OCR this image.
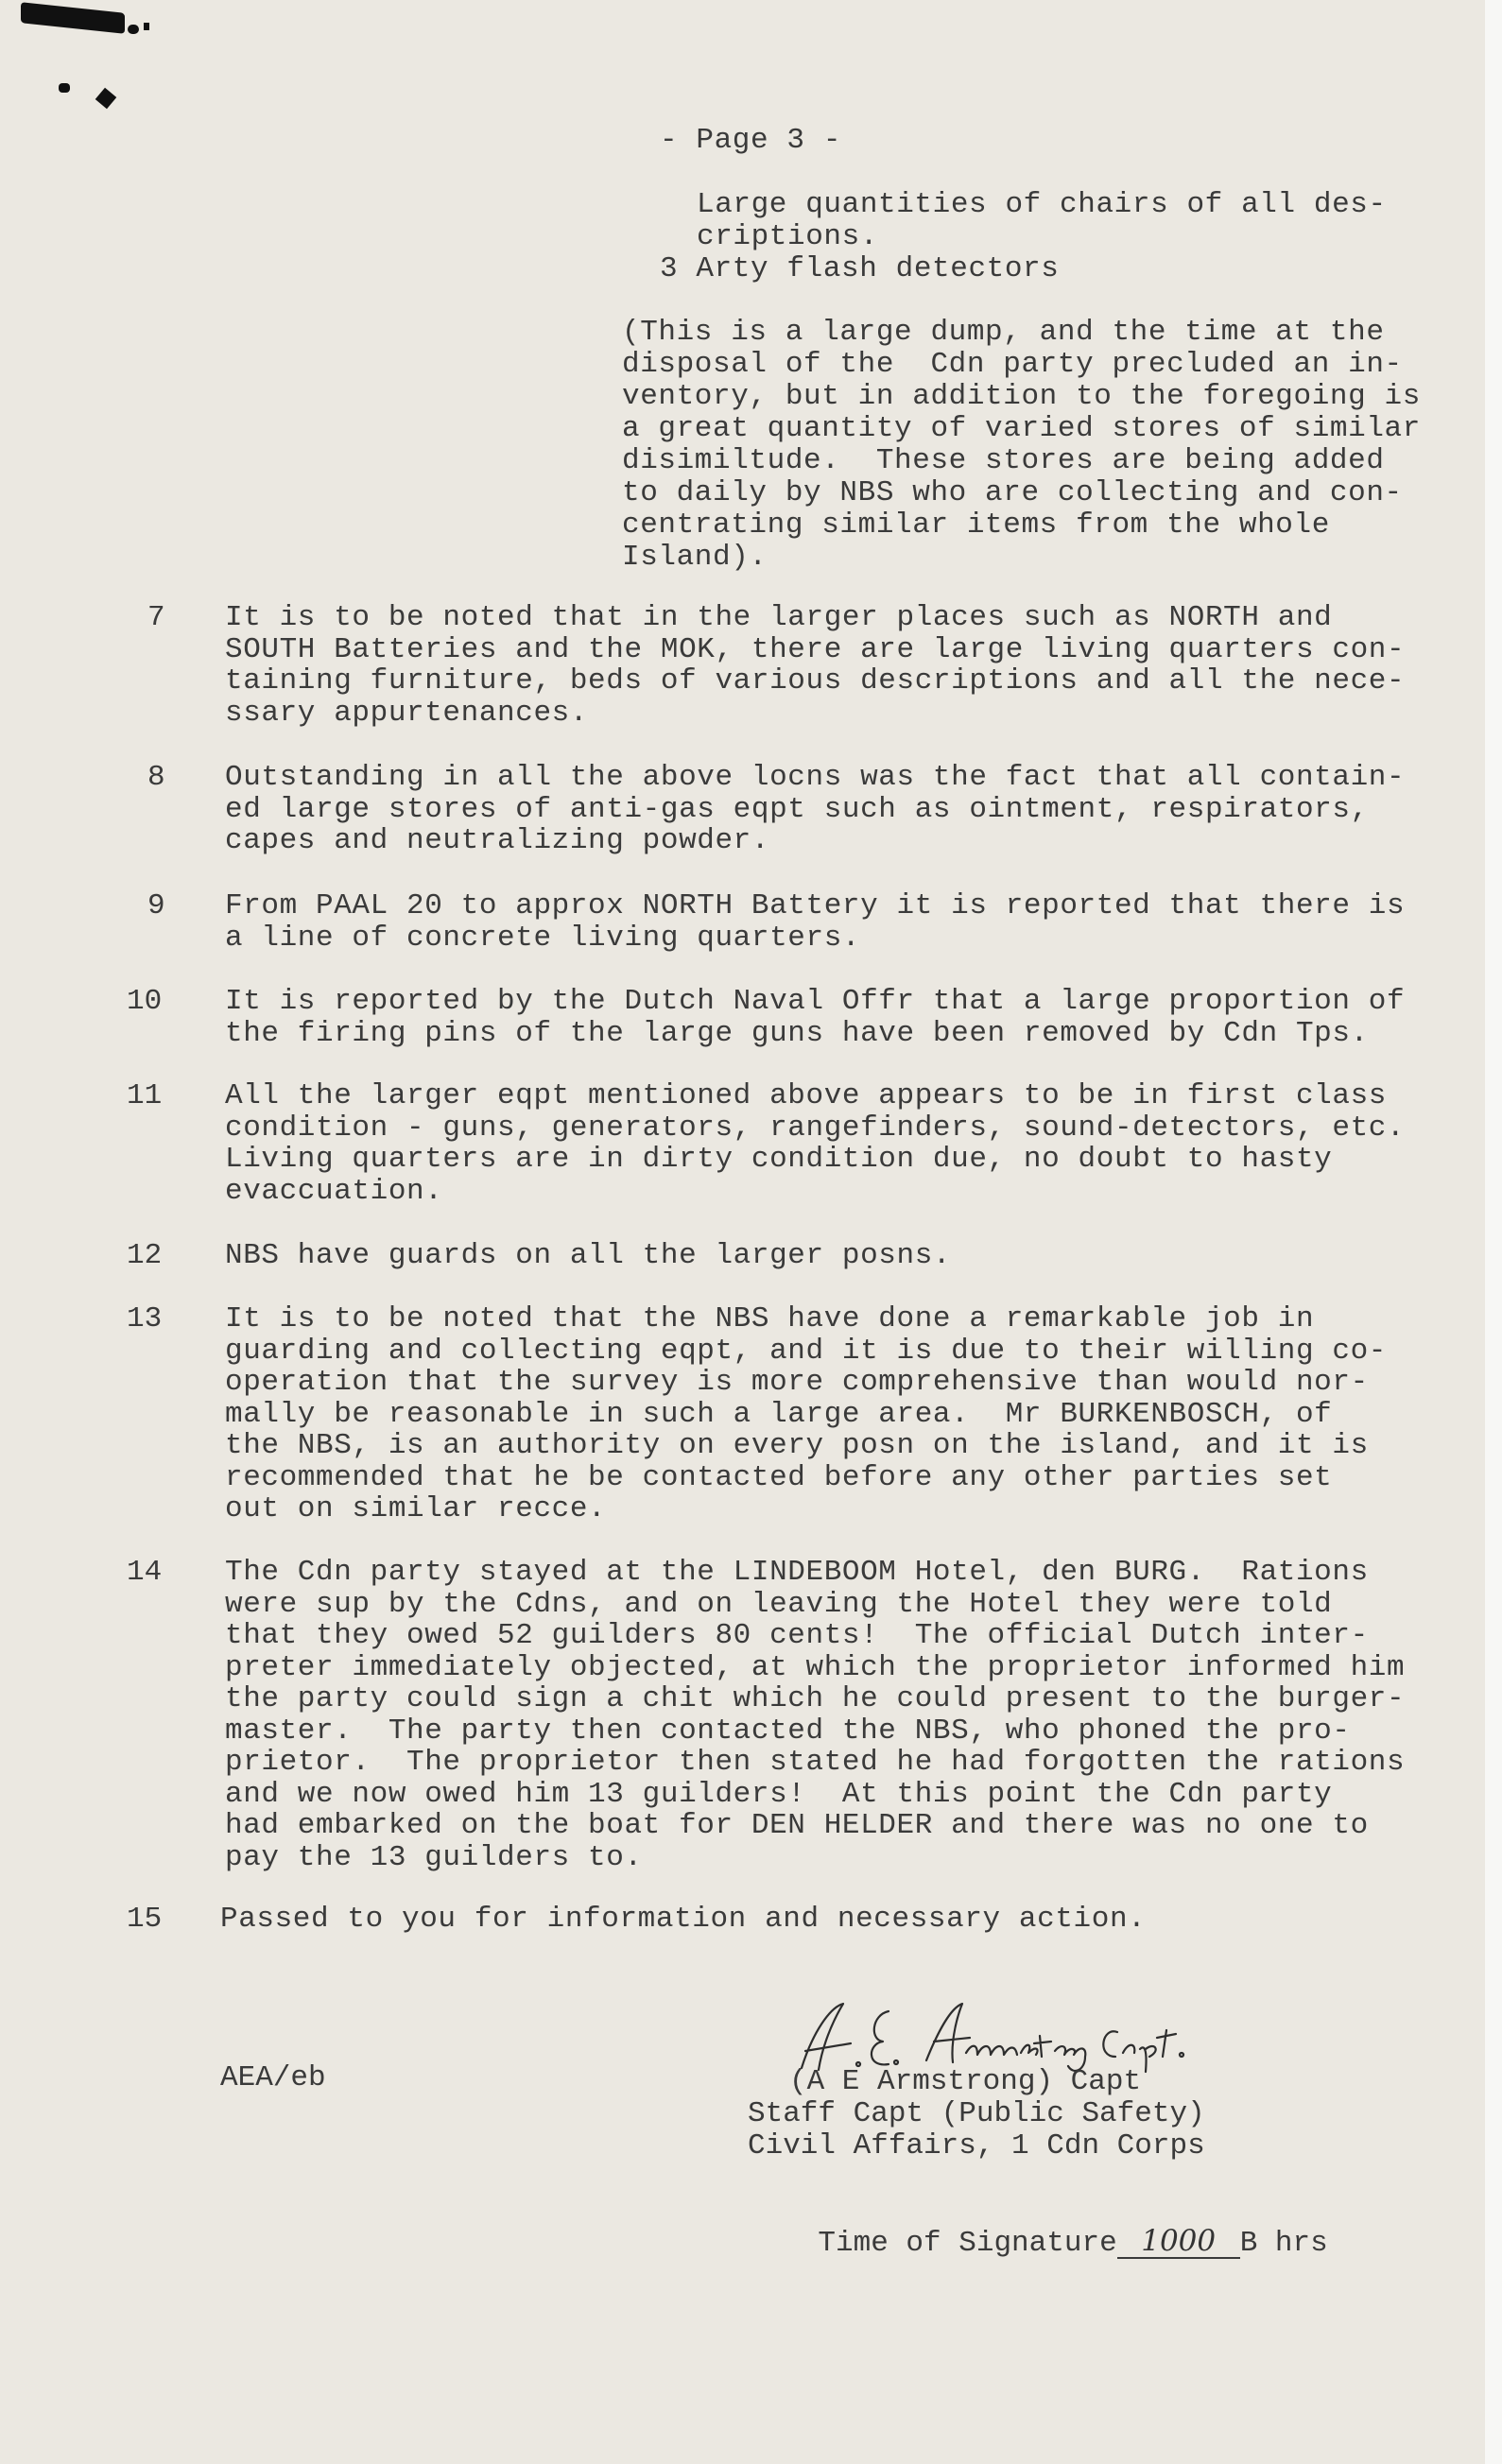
- Page 3 -
Large quantities of chairs of all des-
criptions.
3 Arty flash detectors
(This is a large dump, and the time at the
disposal of the  Cdn party precluded an in-
ventory, but in addition to the foregoing is
a great quantity of varied stores of similar
disimiltude.  These stores are being added
to daily by NBS who are collecting and con-
centrating similar items from the whole
Island).
7 It is to be noted that in the larger places such as NORTH and
SOUTH Batteries and the MOK, there are large living quarters con-
taining furniture, beds of various descriptions and all the nece-
ssary appurtenances.
8 Outstanding in all the above locns was the fact that all contain-
ed large stores of anti-gas eqpt such as ointment, respirators,
capes and neutralizing powder.
9 From PAAL 20 to approx NORTH Battery it is reported that there is
a line of concrete living quarters.
10 It is reported by the Dutch Naval Offr that a large proportion of
the firing pins of the large guns have been removed by Cdn Tps.
11 All the larger eqpt mentioned above appears to be in first class
condition - guns, generators, rangefinders, sound-detectors, etc.
Living quarters are in dirty condition due, no doubt to hasty
evaccuation.
12 NBS have guards on all the larger posns.
13 It is to be noted that the NBS have done a remarkable job in
guarding and collecting eqpt, and it is due to their willing co-
operation that the survey is more comprehensive than would nor-
mally be reasonable in such a large area.  Mr BURKENBOSCH, of
the NBS, is an authority on every posn on the island, and it is
recommended that he be contacted before any other parties set
out on similar recce.
14 The Cdn party stayed at the LINDEBOOM Hotel, den BURG.  Rations
were sup by the Cdns, and on leaving the Hotel they were told
that they owed 52 guilders 80 cents!  The official Dutch inter-
preter immediately objected, at which the proprietor informed him
the party could sign a chit which he could present to the burger-
master.  The party then contacted the NBS, who phoned the pro-
prietor.  The proprietor then stated he had forgotten the rations
and we now owed him 13 guilders!  At this point the Cdn party
had embarked on the boat for DEN HELDER and there was no one to
pay the 13 guilders to.
15 Passed to you for information and necessary action.
AEA/eb	(A E Armstrong) Capt
Staff Capt (Public Safety)
Civil Affairs, 1 Cdn Corps

Time of Signature 1000 B hrs
